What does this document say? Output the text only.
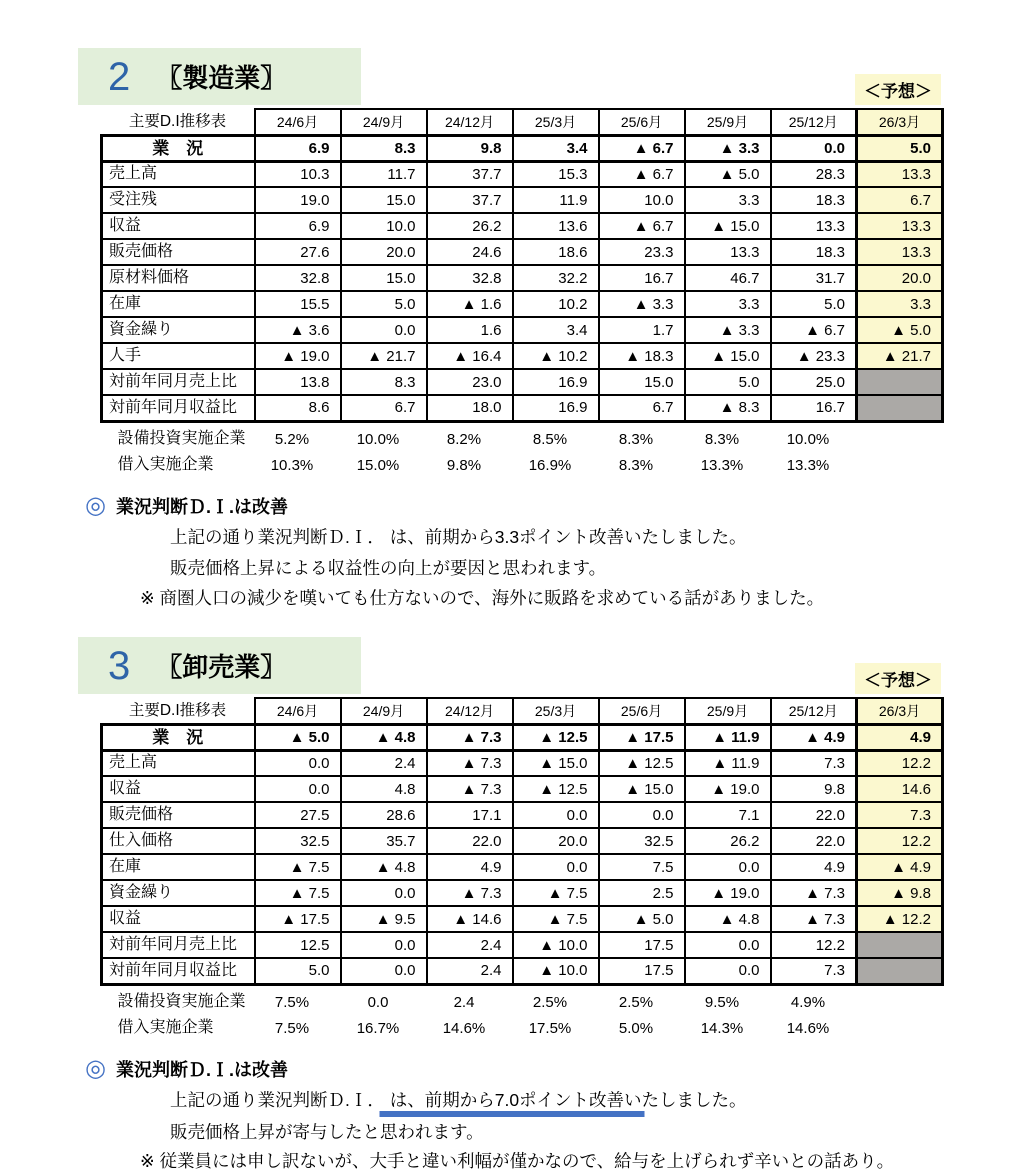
2 〖製造業〗	＜予想＞
主要D.I推移表	24/6月	24/9月	24/12月	25/3月	25/6月	25/9月	25/12月	26/3月
業　況	6.9	8.3	9.8	3.4	▲ 6.7	▲ 3.3	0.0	5.0
売上高	10.3	11.7	37.7	15.3	▲ 6.7	▲ 5.0	28.3	13.3
受注残	19.0	15.0	37.7	11.9	10.0	3.3	18.3	6.7
収益	6.9	10.0	26.2	13.6	▲ 6.7	▲ 15.0	13.3	13.3
販売価格	27.6	20.0	24.6	18.6	23.3	13.3	18.3	13.3
原材料価格	32.8	15.0	32.8	32.2	16.7	46.7	31.7	20.0
在庫	15.5	5.0	▲ 1.6	10.2	▲ 3.3	3.3	5.0	3.3
資金繰り	▲ 3.6	0.0	1.6	3.4	1.7	▲ 3.3	▲ 6.7	▲ 5.0
人手	▲ 19.0	▲ 21.7	▲ 16.4	▲ 10.2	▲ 18.3	▲ 15.0	▲ 23.3	▲ 21.7
対前年同月売上比	13.8	8.3	23.0	16.9	15.0	5.0	25.0	
対前年同月収益比	8.6	6.7	18.0	16.9	6.7	▲ 8.3	16.7	

設備投資実施企業	5.2%	10.0%	8.2%	8.5%	8.3%	8.3%	10.0%	
借入実施企業	10.3%	15.0%	9.8%	16.9%	8.3%	13.3%	13.3%	
◎ 業況判断Ｄ.Ｉ.は改善
上記の通り業況判断Ｄ.Ｉ． は、前期から3.3ポイント改善いたしました。
販売価格上昇による収益性の向上が要因と思われます。
※ 商圏人口の減少を嘆いても仕方ないので、海外に販路を求めている話がありました。
3 〖卸売業〗	＜予想＞
主要D.I推移表	24/6月	24/9月	24/12月	25/3月	25/6月	25/9月	25/12月	26/3月
業　況	▲ 5.0	▲ 4.8	▲ 7.3	▲ 12.5	▲ 17.5	▲ 11.9	▲ 4.9	4.9
売上高	0.0	2.4	▲ 7.3	▲ 15.0	▲ 12.5	▲ 11.9	7.3	12.2
収益	0.0	4.8	▲ 7.3	▲ 12.5	▲ 15.0	▲ 19.0	9.8	14.6
販売価格	27.5	28.6	17.1	0.0	0.0	7.1	22.0	7.3
仕入価格	32.5	35.7	22.0	20.0	32.5	26.2	22.0	12.2
在庫	▲ 7.5	▲ 4.8	4.9	0.0	7.5	0.0	4.9	▲ 4.9
資金繰り	▲ 7.5	0.0	▲ 7.3	▲ 7.5	2.5	▲ 19.0	▲ 7.3	▲ 9.8
収益	▲ 17.5	▲ 9.5	▲ 14.6	▲ 7.5	▲ 5.0	▲ 4.8	▲ 7.3	▲ 12.2
対前年同月売上比	12.5	0.0	2.4	▲ 10.0	17.5	0.0	12.2	
対前年同月収益比	5.0	0.0	2.4	▲ 10.0	17.5	0.0	7.3	

設備投資実施企業	7.5%	0.0	2.4	2.5%	2.5%	9.5%	4.9%	
借入実施企業	7.5%	16.7%	14.6%	17.5%	5.0%	14.3%	14.6%	
◎ 業況判断Ｄ.Ｉ.は改善
上記の通り業況判断Ｄ.Ｉ． は、前期から7.0ポイント改善いたしました。
販売価格上昇が寄与したと思われます。
※ 従業員には申し訳ないが、大手と違い利幅が僅かなので、給与を上げられず辛いとの話あり。
